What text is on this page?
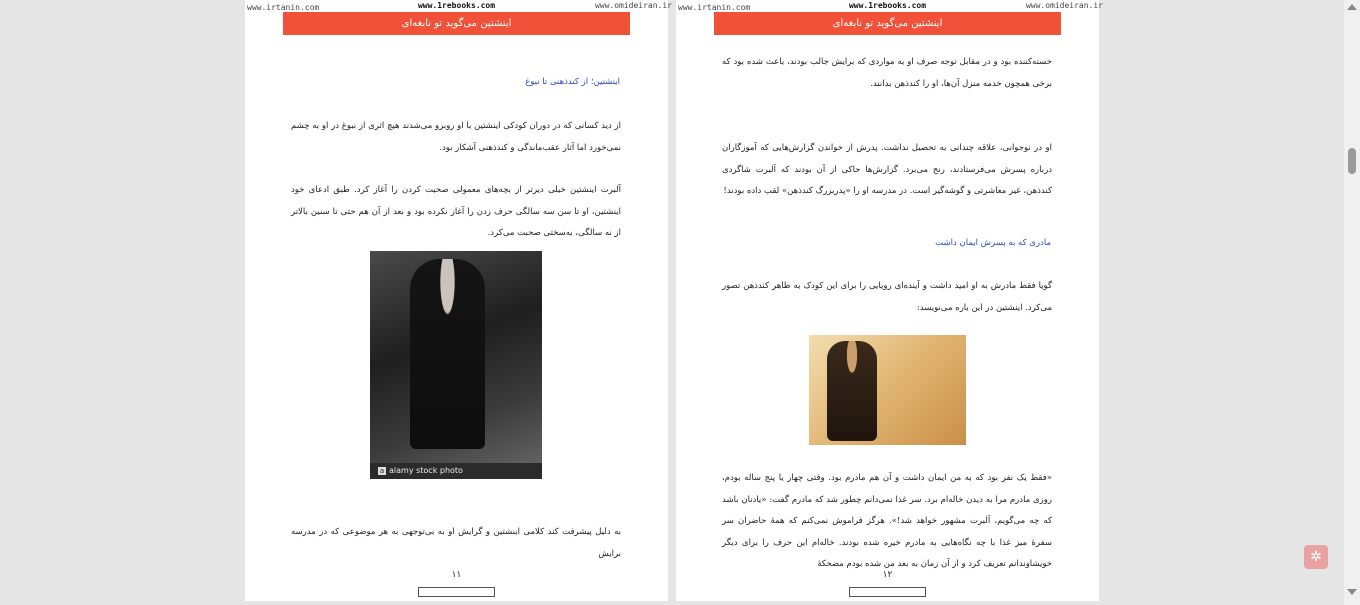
www.irtanin.com	www.1rebooks.com	www.omideiran.ir
اینشتین می‌گوید تو نابغه‌ای
اینشتین؛ از کندذهنی تا نبوغ
از دید کسانی که در دوران کودکی اینشتین با او روبرو می‌شدند هیچ اثری از نبوغ در او به چشم نمی‌خورد اما آثار عقب‌ماندگی و کندذهنی آشکار بود.
آلبرت اینشتین خیلی دیرتر از بچه‌های معمولی صحبت کردن را آغاز کرد. طبق ادعای خود اینشتین، او تا سن سه سالگی حرف زدن را آغاز نکرده بود و بعد از آن هم حتی تا سنین بالاتر از نه سالگی، به‌سختی صحبت می‌کرد.
a alamy stock photo
به دلیل پیشرفت کند کلامی اینشتین و گرایش او به بی‌توجهی به هر موضوعی که در مدرسه برایش
۱۱
www.irtanin.com	www.1rebooks.com	www.omideiran.ir
اینشتین می‌گوید تو نابغه‌ای
خسته‌کننده بود و در مقابل توجه صرف او به مواردی که برایش جالب بودند، باعث شده بود که برخی همچون خدمه منزل آن‌ها، او را کندذهن بدانند.
او در نوجوانی، علاقه چندانی به تحصیل نداشت. پدرش از خواندن گزارش‌هایی که آموزگاران درباره پسرش می‌فرستادند، رنج می‌برد. گزارش‌ها حاکی از آن بودند که آلبرت شاگردی کندذهن، غیر معاشرتی و گوشه‌گیر است. در مدرسه او را «پدربزرگ کندذهن» لقب داده بودند!
مادری که به پسرش ایمان داشت
گویا فقط مادرش به او امید داشت و آینده‌ای رویایی را برای این کودک به ظاهر کندذهن تصور می‌کرد. اینشتین در این باره می‌نویسد:
«فقط یک نفر بود که به من ایمان داشت و آن هم مادرم بود. وقتی چهار یا پنج ساله بودم، روزی مادرم مرا به دیدن خاله‌ام برد. سر غذا نمی‌دانم چطور شد که مادرم گفت: «یادتان باشد که چه می‌گویم، آلبرت مشهور خواهد شد!». هرگز فراموش نمی‌کنم که همهٔ حاضران سر سفرهٔ میز غذا با چه نگاه‌هایی به مادرم خیره شده بودند. خاله‌ام این حرف را برای دیگر خویشاوندانم تعریف کرد و از آن زمان به بعد من شده بودم مضحکهٔ
۱۲
✲
